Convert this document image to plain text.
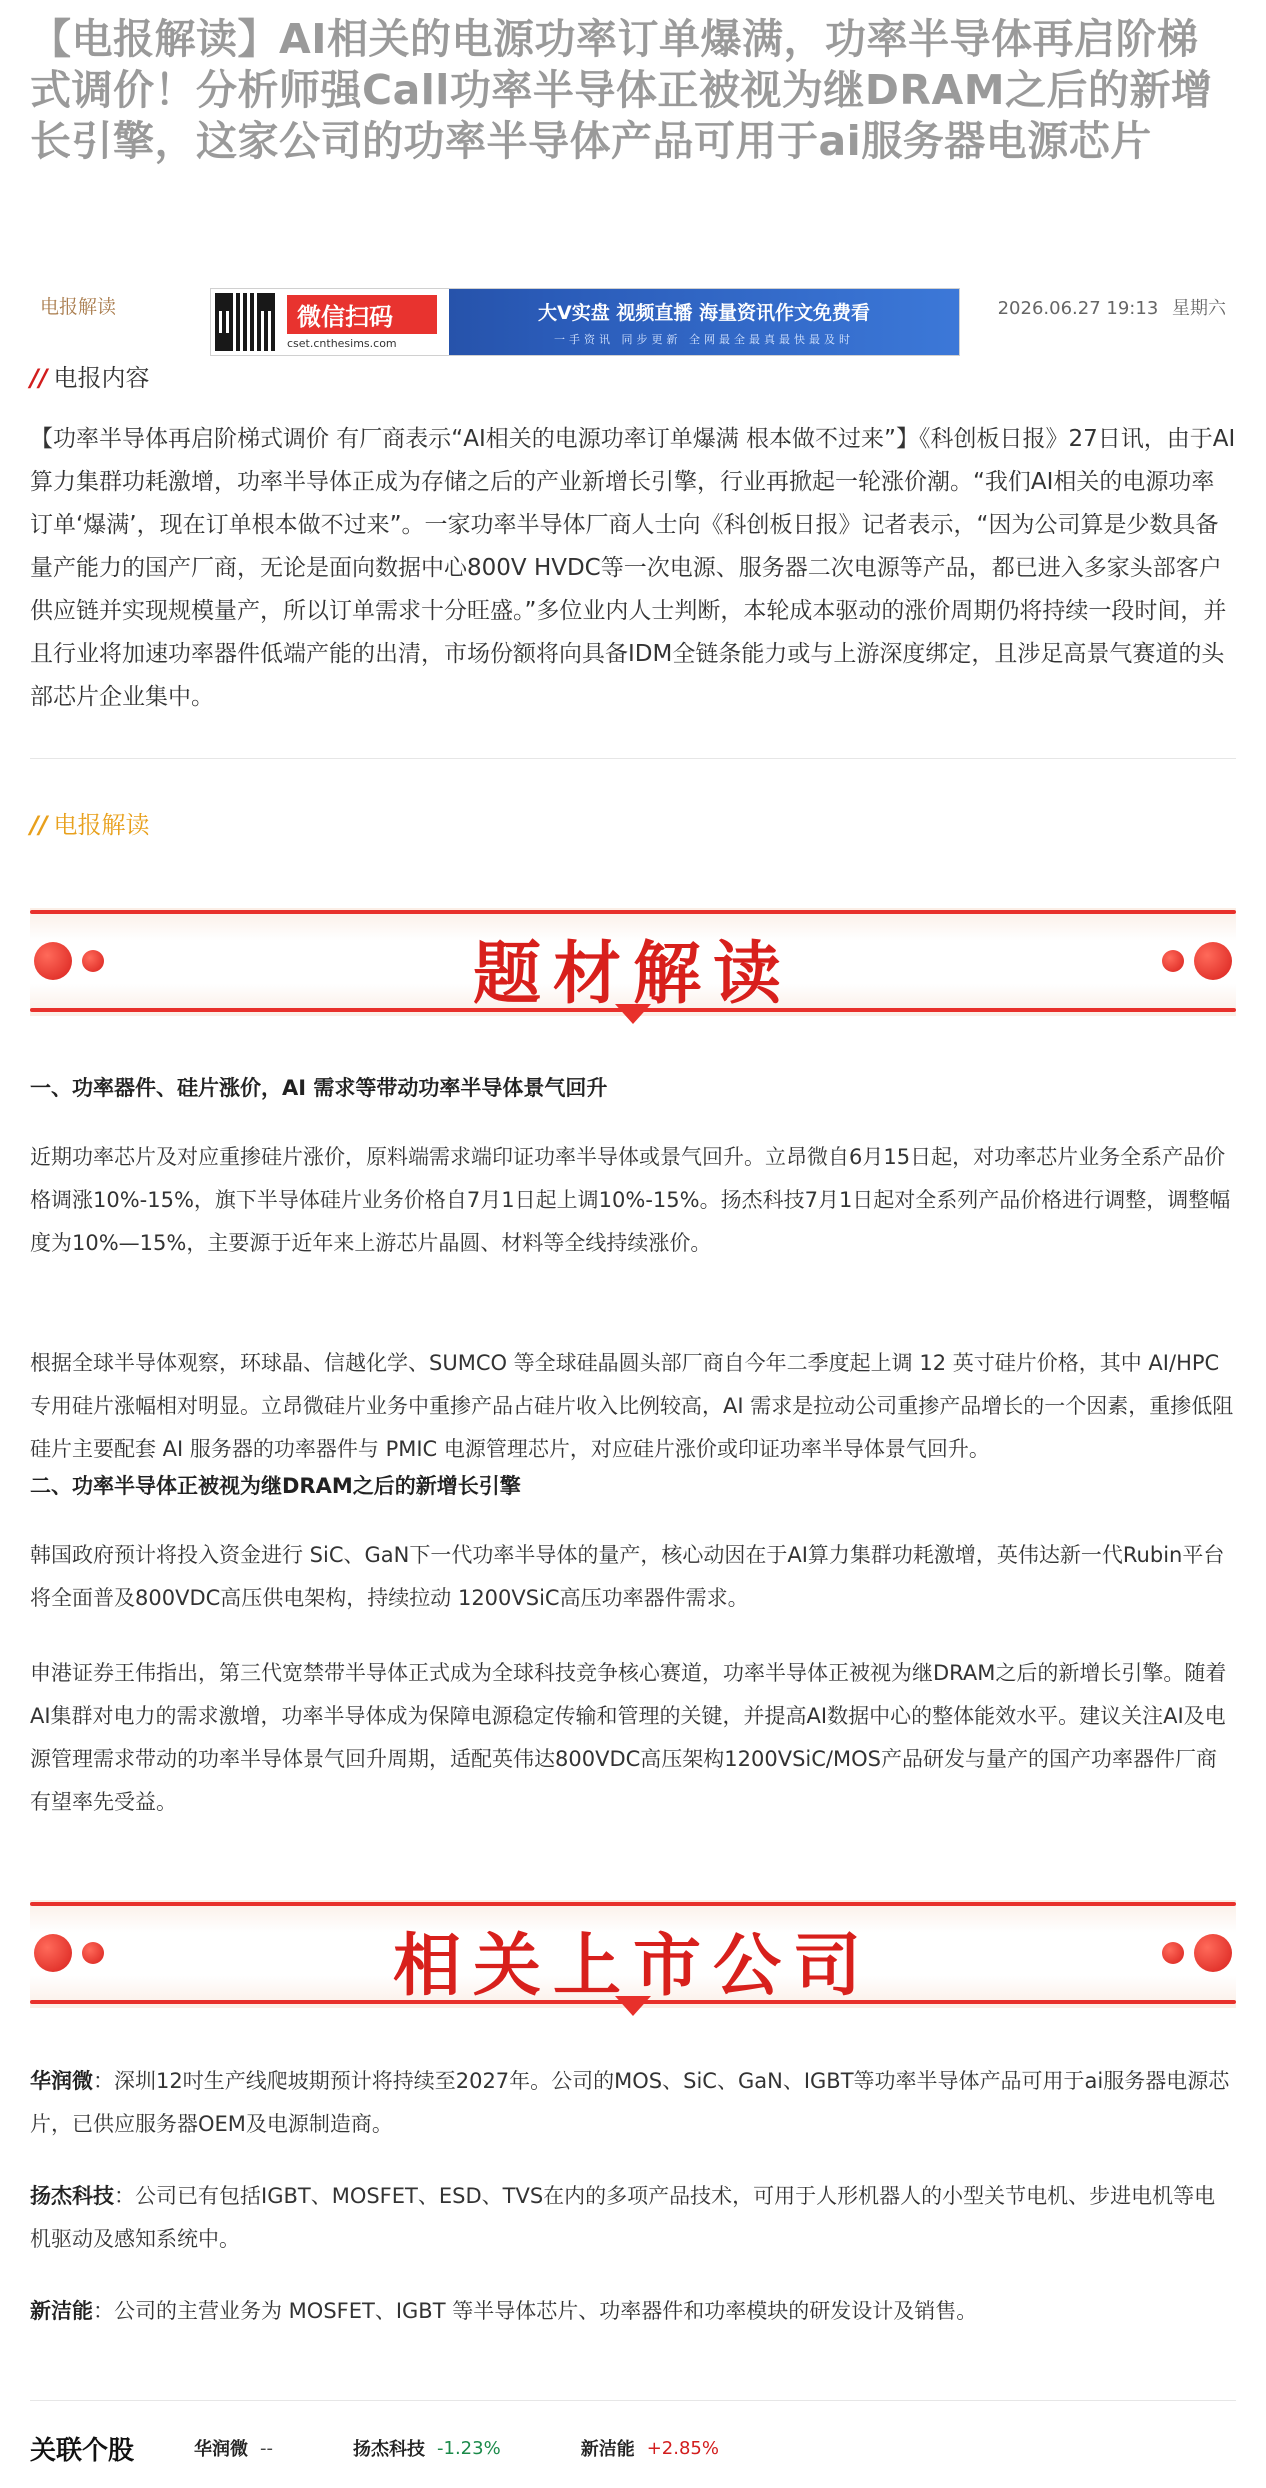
【电报解读】AI相关的电源功率订单爆满，功率半导体再启阶梯式调价！分析师强Call功率半导体正被视为继DRAM之后的新增长引擎，这家公司的功率半导体产品可用于ai服务器电源芯片
电报解读	微信扫码
cset.cnthesims.com
大V实盘 视频直播 海量资讯作文免费看
一手资讯 同步更新 全网最全最真最快最及时
2026.06.27 19:13 星期六
// 电报内容

【功率半导体再启阶梯式调价 有厂商表示“AI相关的电源功率订单爆满 根本做不过来”】《科创板日报》27日讯，由于AI算力集群功耗激增，功率半导体正成为存储之后的产业新增长引擎，行业再掀起一轮涨价潮。“我们AI相关的电源功率订单‘爆满’，现在订单根本做不过来”。一家功率半导体厂商人士向《科创板日报》记者表示，“因为公司算是少数具备量产能力的国产厂商，无论是面向数据中心800V HVDC等一次电源、服务器二次电源等产品，都已进入多家头部客户供应链并实现规模量产，所以订单需求十分旺盛。”多位业内人士判断，本轮成本驱动的涨价周期仍将持续一段时间，并且行业将加速功率器件低端产能的出清，市场份额将向具备IDM全链条能力或与上游深度绑定，且涉足高景气赛道的头部芯片企业集中。

// 电报解读
题材解读
一、功率器件、硅片涨价，AI 需求等带动功率半导体景气回升

近期功率芯片及对应重掺硅片涨价，原料端需求端印证功率半导体或景气回升。立昂微自6月15日起，对功率芯片业务全系产品价格调涨10%-15%，旗下半导体硅片业务价格自7月1日起上调10%-15%。扬杰科技7月1日起对全系列产品价格进行调整，调整幅度为10%—15%，主要源于近年来上游芯片晶圆、材料等全线持续涨价。

根据全球半导体观察，环球晶、信越化学、SUMCO 等全球硅晶圆头部厂商自今年二季度起上调 12 英寸硅片价格，其中 AI/HPC 专用硅片涨幅相对明显。立昂微硅片业务中重掺产品占硅片收入比例较高，AI 需求是拉动公司重掺产品增长的一个因素，重掺低阻硅片主要配套 AI 服务器的功率器件与 PMIC 电源管理芯片，对应硅片涨价或印证功率半导体景气回升。

二、功率半导体正被视为继DRAM之后的新增长引擎

韩国政府预计将投入资金进行 SiC、GaN下一代功率半导体的量产，核心动因在于AI算力集群功耗激增，英伟达新一代Rubin平台将全面普及800VDC高压供电架构，持续拉动 1200VSiC高压功率器件需求。

申港证券王伟指出，第三代宽禁带半导体正式成为全球科技竞争核心赛道，功率半导体正被视为继DRAM之后的新增长引擎。随着AI集群对电力的需求激增，功率半导体成为保障电源稳定传输和管理的关键，并提高AI数据中心的整体能效水平。建议关注AI及电源管理需求带动的功率半导体景气回升周期，适配英伟达800VDC高压架构1200VSiC/MOS产品研发与量产的国产功率器件厂商有望率先受益。

相关上市公司

华润微：深圳12吋生产线爬坡期预计将持续至2027年。公司的MOS、SiC、GaN、IGBT等功率半导体产品可用于ai服务器电源芯片，已供应服务器OEM及电源制造商。

扬杰科技：公司已有包括IGBT、MOSFET、ESD、TVS在内的多项产品技术，可用于人形机器人的小型关节电机、步进电机等电机驱动及感知系统中。

新洁能：公司的主营业务为 MOSFET、IGBT 等半导体芯片、功率器件和功率模块的研发设计及销售。

关联个股	华润微 --	扬杰科技 -1.23%	新洁能 +2.85%
